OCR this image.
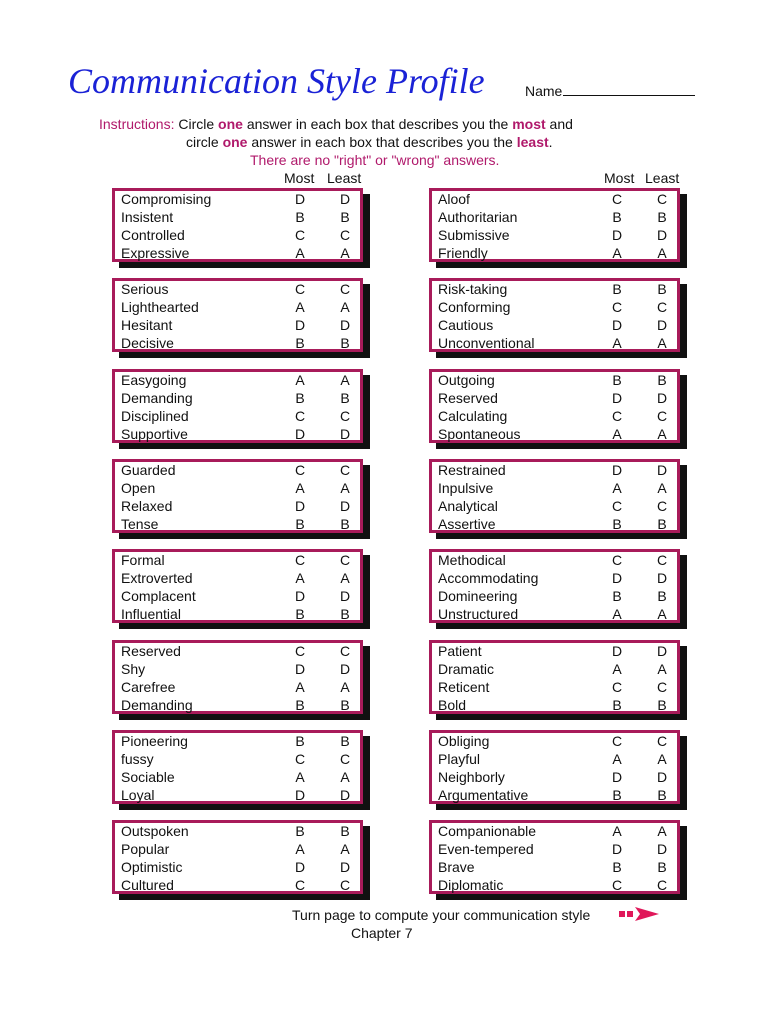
Communication Style Profile	Name
Instructions: Circle one answer in each box that describes you the most and
circle one answer in each box that describes you the least.
There are no "right" or "wrong" answers.
Most Least	Most Least
Compromising	D D
Insistent	B	B
Controlled	C C
Expressive	A	A
Serious	C C
Lighthearted	A	A
Hesitant	D D
Decisive	B	B
Easygoing	A	A
Demanding	B	B
Disciplined	C C
Supportive	D D
Guarded	C C
Open	A	A
Relaxed	D D
Tense	B	B
Formal	C C
Extroverted	A	A
Complacent	D D
Influential	B	B
Reserved	C C
Shy	D D
Carefree	A	A
Demanding	B	B
Pioneering	B	B
fussy	C C
Sociable	A	A
Loyal	D D
Outspoken	B	B
Popular	A	A
Optimistic	D D
Cultured	C C
Aloof	C C
Authoritarian	B	B
Submissive	D D
Friendly	A	A
Risk-taking	B	B
Conforming	C C
Cautious	D D
Unconventional	A	A
Outgoing	B	B
Reserved	D D
Calculating	C C
Spontaneous	A	A
Restrained	D D
Inpulsive	A	A
Analytical	C C
Assertive	B	B
Methodical	C C
Accommodating	D D
Domineering	B	B
Unstructured	A	A
Patient	D D
Dramatic	A	A
Reticent	C C
Bold	B	B
Obliging	C C
Playful	A	A
Neighborly	D D
Argumentative	B	B
Companionable	A	A
Even-tempered	D D
Brave	B	B
Diplomatic	C C
Turn page to compute your communication style
Chapter 7
